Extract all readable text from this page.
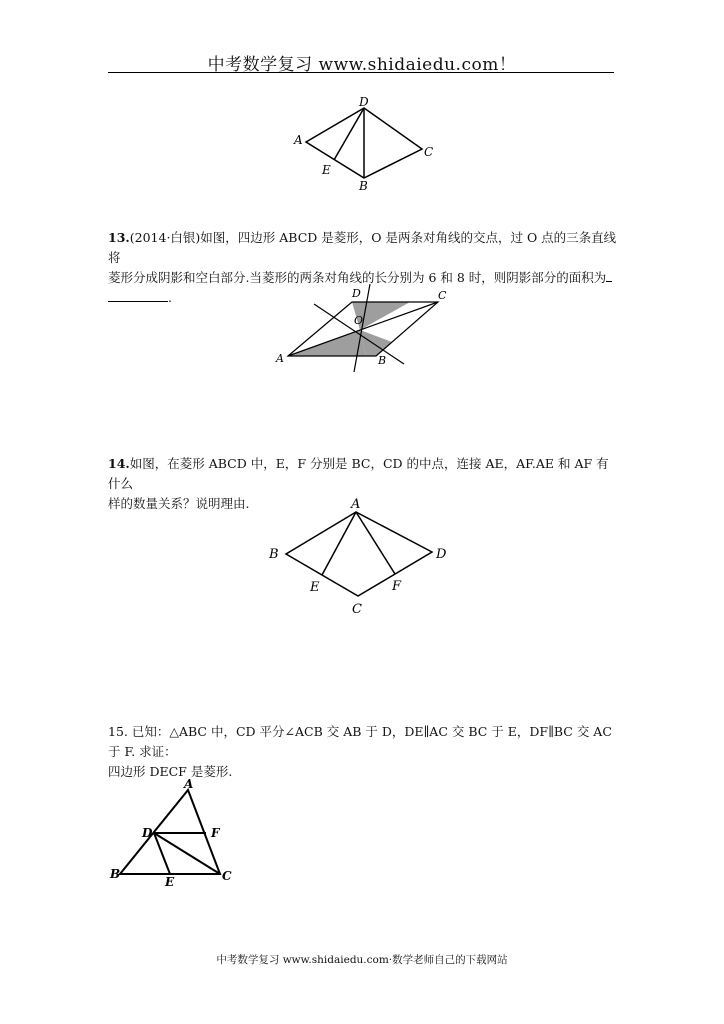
中考数学复习 www.shidaiedu.com！
A
D
C
B
E
13.(2014·白银)如图，四边形 ABCD 是菱形，O 是两条对角线的交点，过 O 点的三条直线将
菱形分成阴影和空白部分.当菱形的两条对角线的长分别为 6 和 8 时，则阴影部分的面积为
.	D	C
O
A	B
14.如图，在菱形 ABCD 中，E，F 分别是 BC，CD 的中点，连接 AE，AF.AE 和 AF 有什么
样的数量关系？说明理由.	A
B	D
E	F
C
15. 已知：△ABC 中，CD 平分∠ACB 交 AB 于 D，DE∥AC 交 BC 于 E，DF∥BC 交 AC 于 F. 求证：
四边形 DECF 是菱形.
A
D	F
B	C
E
中考数学复习 www.shidaiedu.com·数学老师自己的下载网站
